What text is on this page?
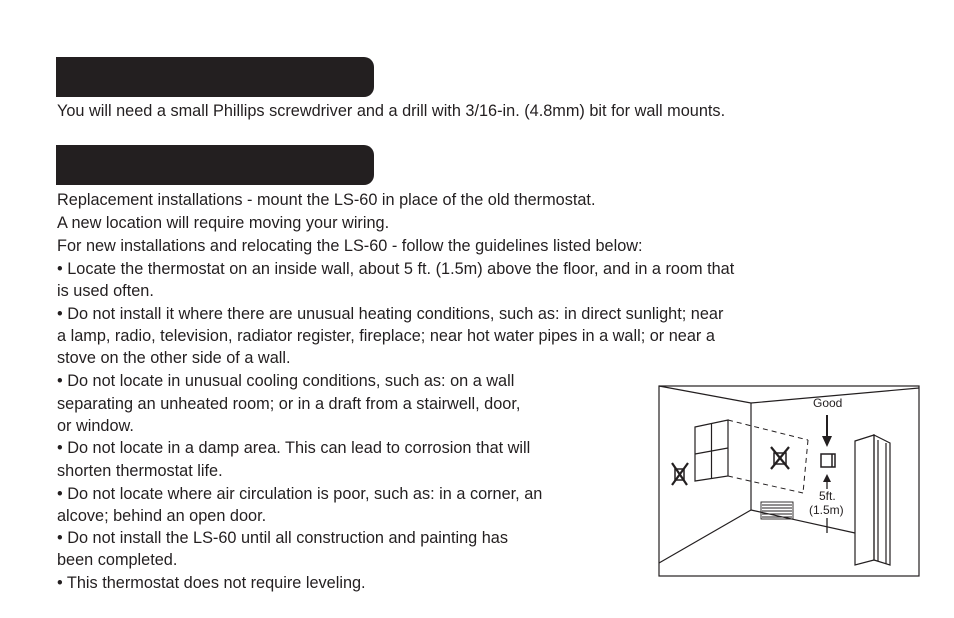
You will need a small Phillips screwdriver and a drill with 3/16-in. (4.8mm) bit for wall mounts.
Replacement installations - mount the LS-60 in place of the old thermostat.
A new location will require moving your wiring.
For new installations and relocating the LS-60 - follow the guidelines listed below:
• Locate the thermostat on an inside wall, about 5 ft. (1.5m) above the floor, and in a room that
is used often.
• Do not install it where there are unusual heating conditions, such as: in direct sunlight; near
a lamp, radio, television, radiator register, fireplace; near hot water pipes in a wall; or near a
stove on the other side of a wall.
• Do not locate in unusual cooling conditions, such as: on a wall
separating an unheated room; or in a draft from a stairwell, door,
or window.
• Do not locate in a damp area. This can lead to corrosion that will
shorten thermostat life.
• Do not locate where air circulation is poor, such as: in a corner, an
alcove; behind an open door.
• Do not install the LS-60 until all construction and painting has
been completed.
• This thermostat does not require leveling.
Good
5ft.
(1.5m)
